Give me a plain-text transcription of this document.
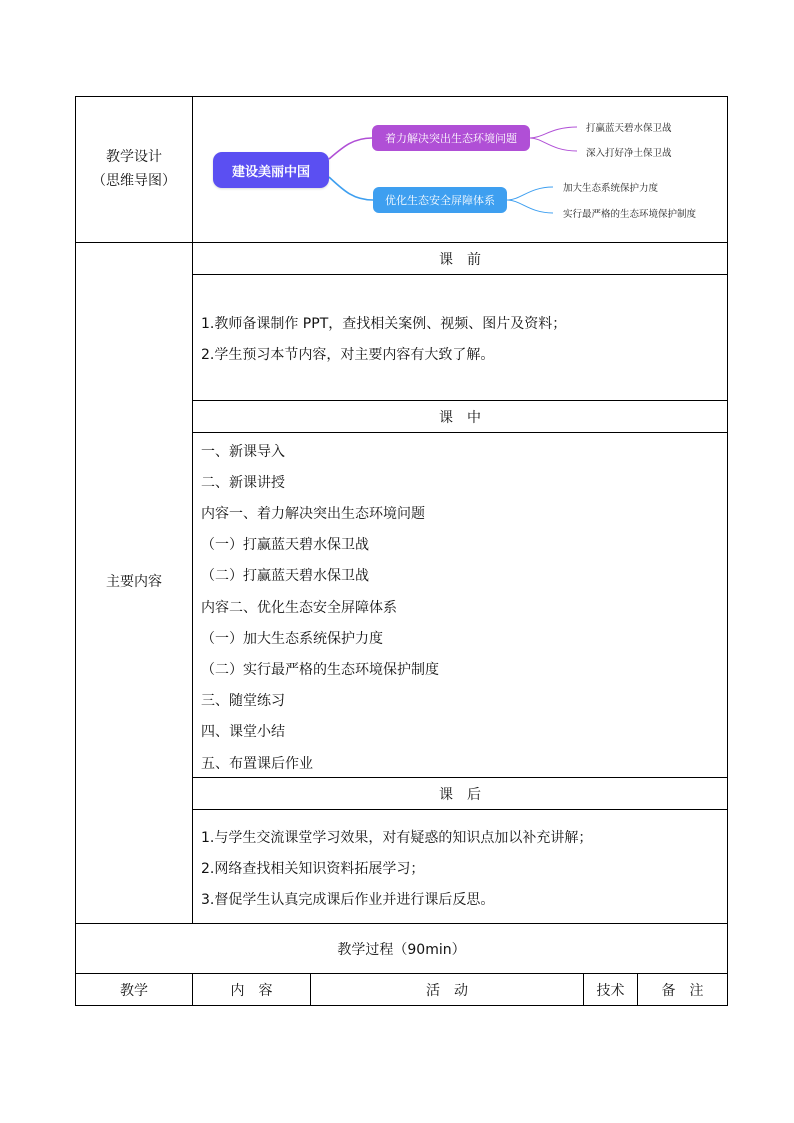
教学设计
（思维导图）
建设美丽中国
着力解决突出生态环境问题
优化生态安全屏障体系
打赢蓝天碧水保卫战
深入打好净土保卫战
加大生态系统保护力度
实行最严格的生态环境保护制度
主要内容
课　前
1.教师备课制作 PPT，查找相关案例、视频、图片及资料；
2.学生预习本节内容，对主要内容有大致了解。
课　中
一、新课导入
二、新课讲授
内容一、着力解决突出生态环境问题
（一）打赢蓝天碧水保卫战
（二）打赢蓝天碧水保卫战
内容二、优化生态安全屏障体系
（一）加大生态系统保护力度
（二）实行最严格的生态环境保护制度
三、随堂练习
四、课堂小结
五、布置课后作业
课　后
1.与学生交流课堂学习效果，对有疑惑的知识点加以补充讲解；
2.网络查找相关知识资料拓展学习；
3.督促学生认真完成课后作业并进行课后反思。
教学过程（90min）
教学	内　容	活　动	技术	备　注
